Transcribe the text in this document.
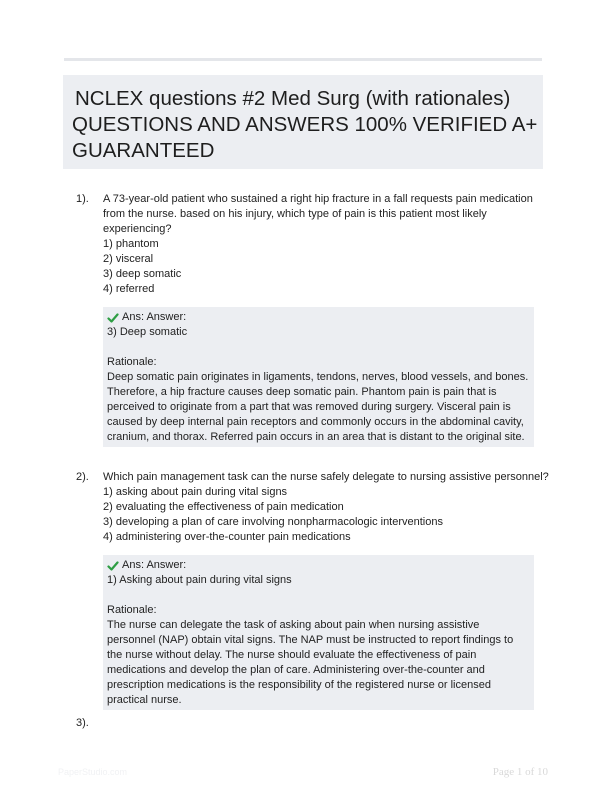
NCLEX questions #2 Med Surg (with rationales)
QUESTIONS AND ANSWERS 100% VERIFIED A+
GUARANTEED
1). A 73-year-old patient who sustained a right hip fracture in a fall requests pain medication from the nurse. based on his injury, which type of pain is this patient most likely experiencing?

1) phantom

2) visceral

3) deep somatic

4) referred

Ans: Answer:

3) Deep somatic

Rationale:

Deep somatic pain originates in ligaments, tendons, nerves, blood vessels, and bones. Therefore, a hip fracture causes deep somatic pain. Phantom pain is pain that is perceived to originate from a part that was removed during surgery. Visceral pain is caused by deep internal pain receptors and commonly occurs in the abdominal cavity, cranium, and thorax. Referred pain occurs in an area that is distant to the original site.

2). Which pain management task can the nurse safely delegate to nursing assistive personnel?

1) asking about pain during vital signs

2) evaluating the effectiveness of pain medication

3) developing a plan of care involving nonpharmacologic interventions

4) administering over-the-counter pain medications

Ans: Answer:

1) Asking about pain during vital signs

Rationale:

The nurse can delegate the task of asking about pain when nursing assistive personnel (NAP) obtain vital signs. The NAP must be instructed to report findings to the nurse without delay. The nurse should evaluate the effectiveness of pain medications and develop the plan of care. Administering over-the-counter and prescription medications is the responsibility of the registered nurse or licensed practical nurse.

3).
PaperStudio.com	Page 1 of 10
